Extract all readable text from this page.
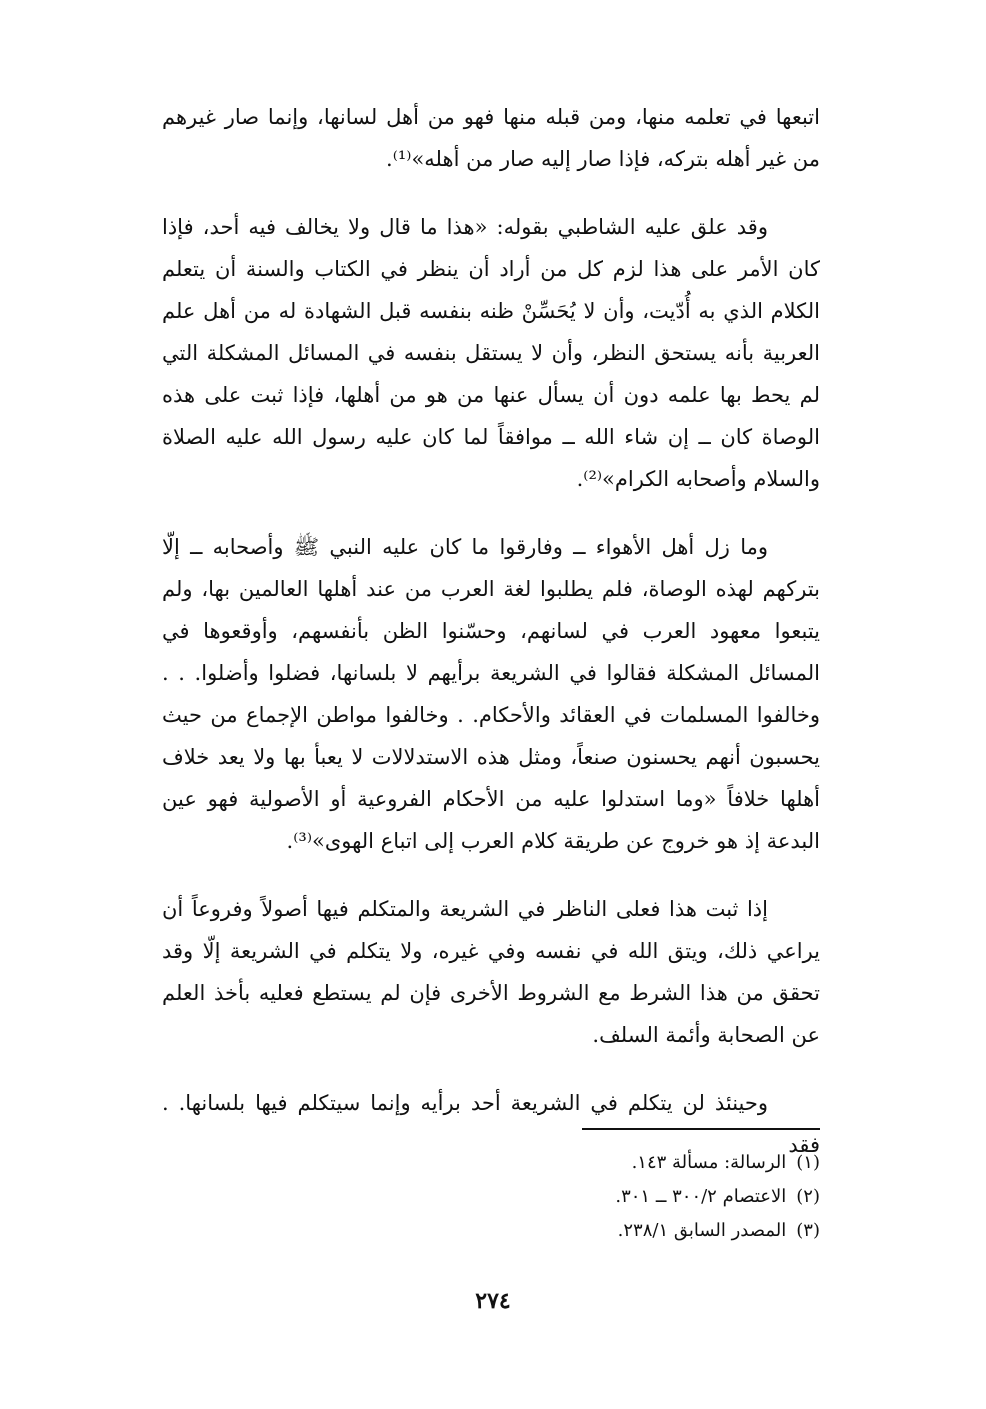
اتبعها في تعلمه منها، ومن قبله منها فهو من أهل لسانها، وإنما صار غيرهم من غير أهله بتركه، فإذا صار إليه صار من أهله»⁽¹⁾.

وقد علق عليه الشاطبي بقوله: «هذا ما قال ولا يخالف فيه أحد، فإذا كان الأمر على هذا لزم كل من أراد أن ينظر في الكتاب والسنة أن يتعلم الكلام الذي به أُدّيت، وأن لا يُحَسِّنْ ظنه بنفسه قبل الشهادة له من أهل علم العربية بأنه يستحق النظر، وأن لا يستقل بنفسه في المسائل المشكلة التي لم يحط بها علمه دون أن يسأل عنها من هو من أهلها، فإذا ثبت على هذه الوصاة كان ــ إن شاء الله ــ موافقاً لما كان عليه رسول الله عليه الصلاة والسلام وأصحابه الكرام»⁽²⁾.

وما زل أهل الأهواء ــ وفارقوا ما كان عليه النبي ﷺ وأصحابه ــ إلّا بتركهم لهذه الوصاة، فلم يطلبوا لغة العرب من عند أهلها العالمين بها، ولم يتبعوا معهود العرب في لسانهم، وحسّنوا الظن بأنفسهم، وأوقعوها في المسائل المشكلة فقالوا في الشريعة برأيهم لا بلسانها، فضلوا وأضلوا. . . وخالفوا المسلمات في العقائد والأحكام. . وخالفوا مواطن الإجماع من حيث يحسبون أنهم يحسنون صنعاً، ومثل هذه الاستدلالات لا يعبأ بها ولا يعد خلاف أهلها خلافاً «وما استدلوا عليه من الأحكام الفروعية أو الأصولية فهو عين البدعة إذ هو خروج عن طريقة كلام العرب إلى اتباع الهوى»⁽³⁾.

إذا ثبت هذا فعلى الناظر في الشريعة والمتكلم فيها أصولاً وفروعاً أن يراعي ذلك، ويتق الله في نفسه وفي غيره، ولا يتكلم في الشريعة إلّا وقد تحقق من هذا الشرط مع الشروط الأخرى فإن لم يستطع فعليه بأخذ العلم عن الصحابة وأئمة السلف.

وحينئذ لن يتكلم في الشريعة أحد برأيه وإنما سيتكلم فيها بلسانها. . فقد

(١)الرسالة: مسألة ١٤٣.
(٢)الاعتصام ٣٠٠/٢ ــ ٣٠١.
(٣)المصدر السابق ٢٣٨/١.
٢٧٤
